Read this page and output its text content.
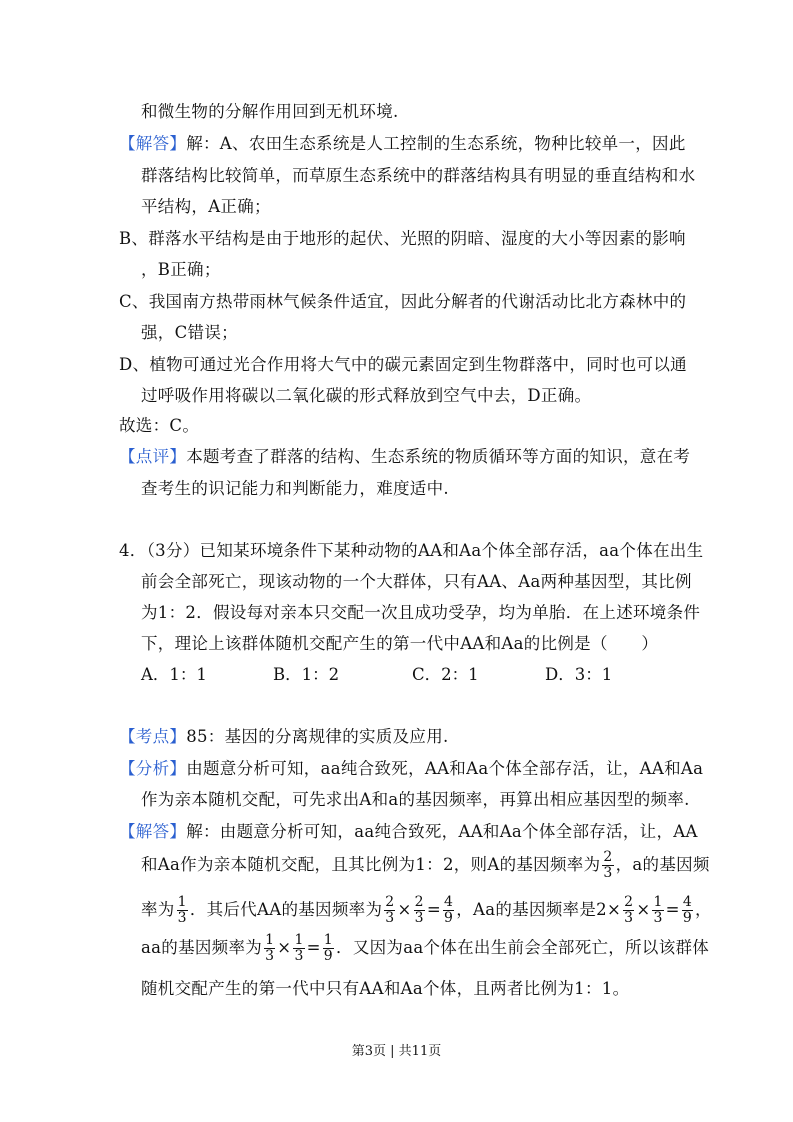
和微生物的分解作用回到无机环境.
【解答】解：A、农田生态系统是人工控制的生态系统，物种比较单一，因此
群落结构比较简单，而草原生态系统中的群落结构具有明显的垂直结构和水
平结构，A正确；
B、群落水平结构是由于地形的起伏、光照的阴暗、湿度的大小等因素的影响
，B正确；
C、我国南方热带雨林气候条件适宜，因此分解者的代谢活动比北方森林中的
强，C错误；
D、植物可通过光合作用将大气中的碳元素固定到生物群落中，同时也可以通
过呼吸作用将碳以二氧化碳的形式释放到空气中去，D正确。
故选：C。
【点评】本题考查了群落的结构、生态系统的物质循环等方面的知识，意在考
查考生的识记能力和判断能力，难度适中.
4．（3分）已知某环境条件下某种动物的AA和Aa个体全部存活，aa个体在出生
前会全部死亡，现该动物的一个大群体，只有AA、Aa两种基因型，其比例
为1：2．假设每对亲本只交配一次且成功受孕，均为单胎．在上述环境条件
下，理论上该群体随机交配产生的第一代中AA和Aa的比例是（　　）
A．1：1	B．1：2	C．2：1	D．3：1
【考点】85：基因的分离规律的实质及应用.
【分析】由题意分析可知，aa纯合致死，AA和Aa个体全部存活，让，AA和Aa
作为亲本随机交配，可先求出A和a的基因频率，再算出相应基因型的频率.
【解答】解：由题意分析可知，aa纯合致死，AA和Aa个体全部存活，让，AA
和Aa作为亲本随机交配，且其比例为1：2，则A的基因频率为 $\frac{2}{3}$ ，a的基因频
率为 $\frac{1}{3}$ ．其后代AA的基因频率为 $\frac{2}{3} \times \frac{2}{3} = \frac{4}{9}$ ，Aa的基因频率是$2\times \frac{2}{3} \times \frac{1}{3} = \frac{4}{9}$ ，
aa的基因频率为 $\frac{1}{3} \times \frac{1}{3} = \frac{1}{9}$ ．又因为aa个体在出生前会全部死亡，所以该群体
随机交配产生的第一代中只有AA和Aa个体，且两者比例为1：1。
第3页 | 共11页
